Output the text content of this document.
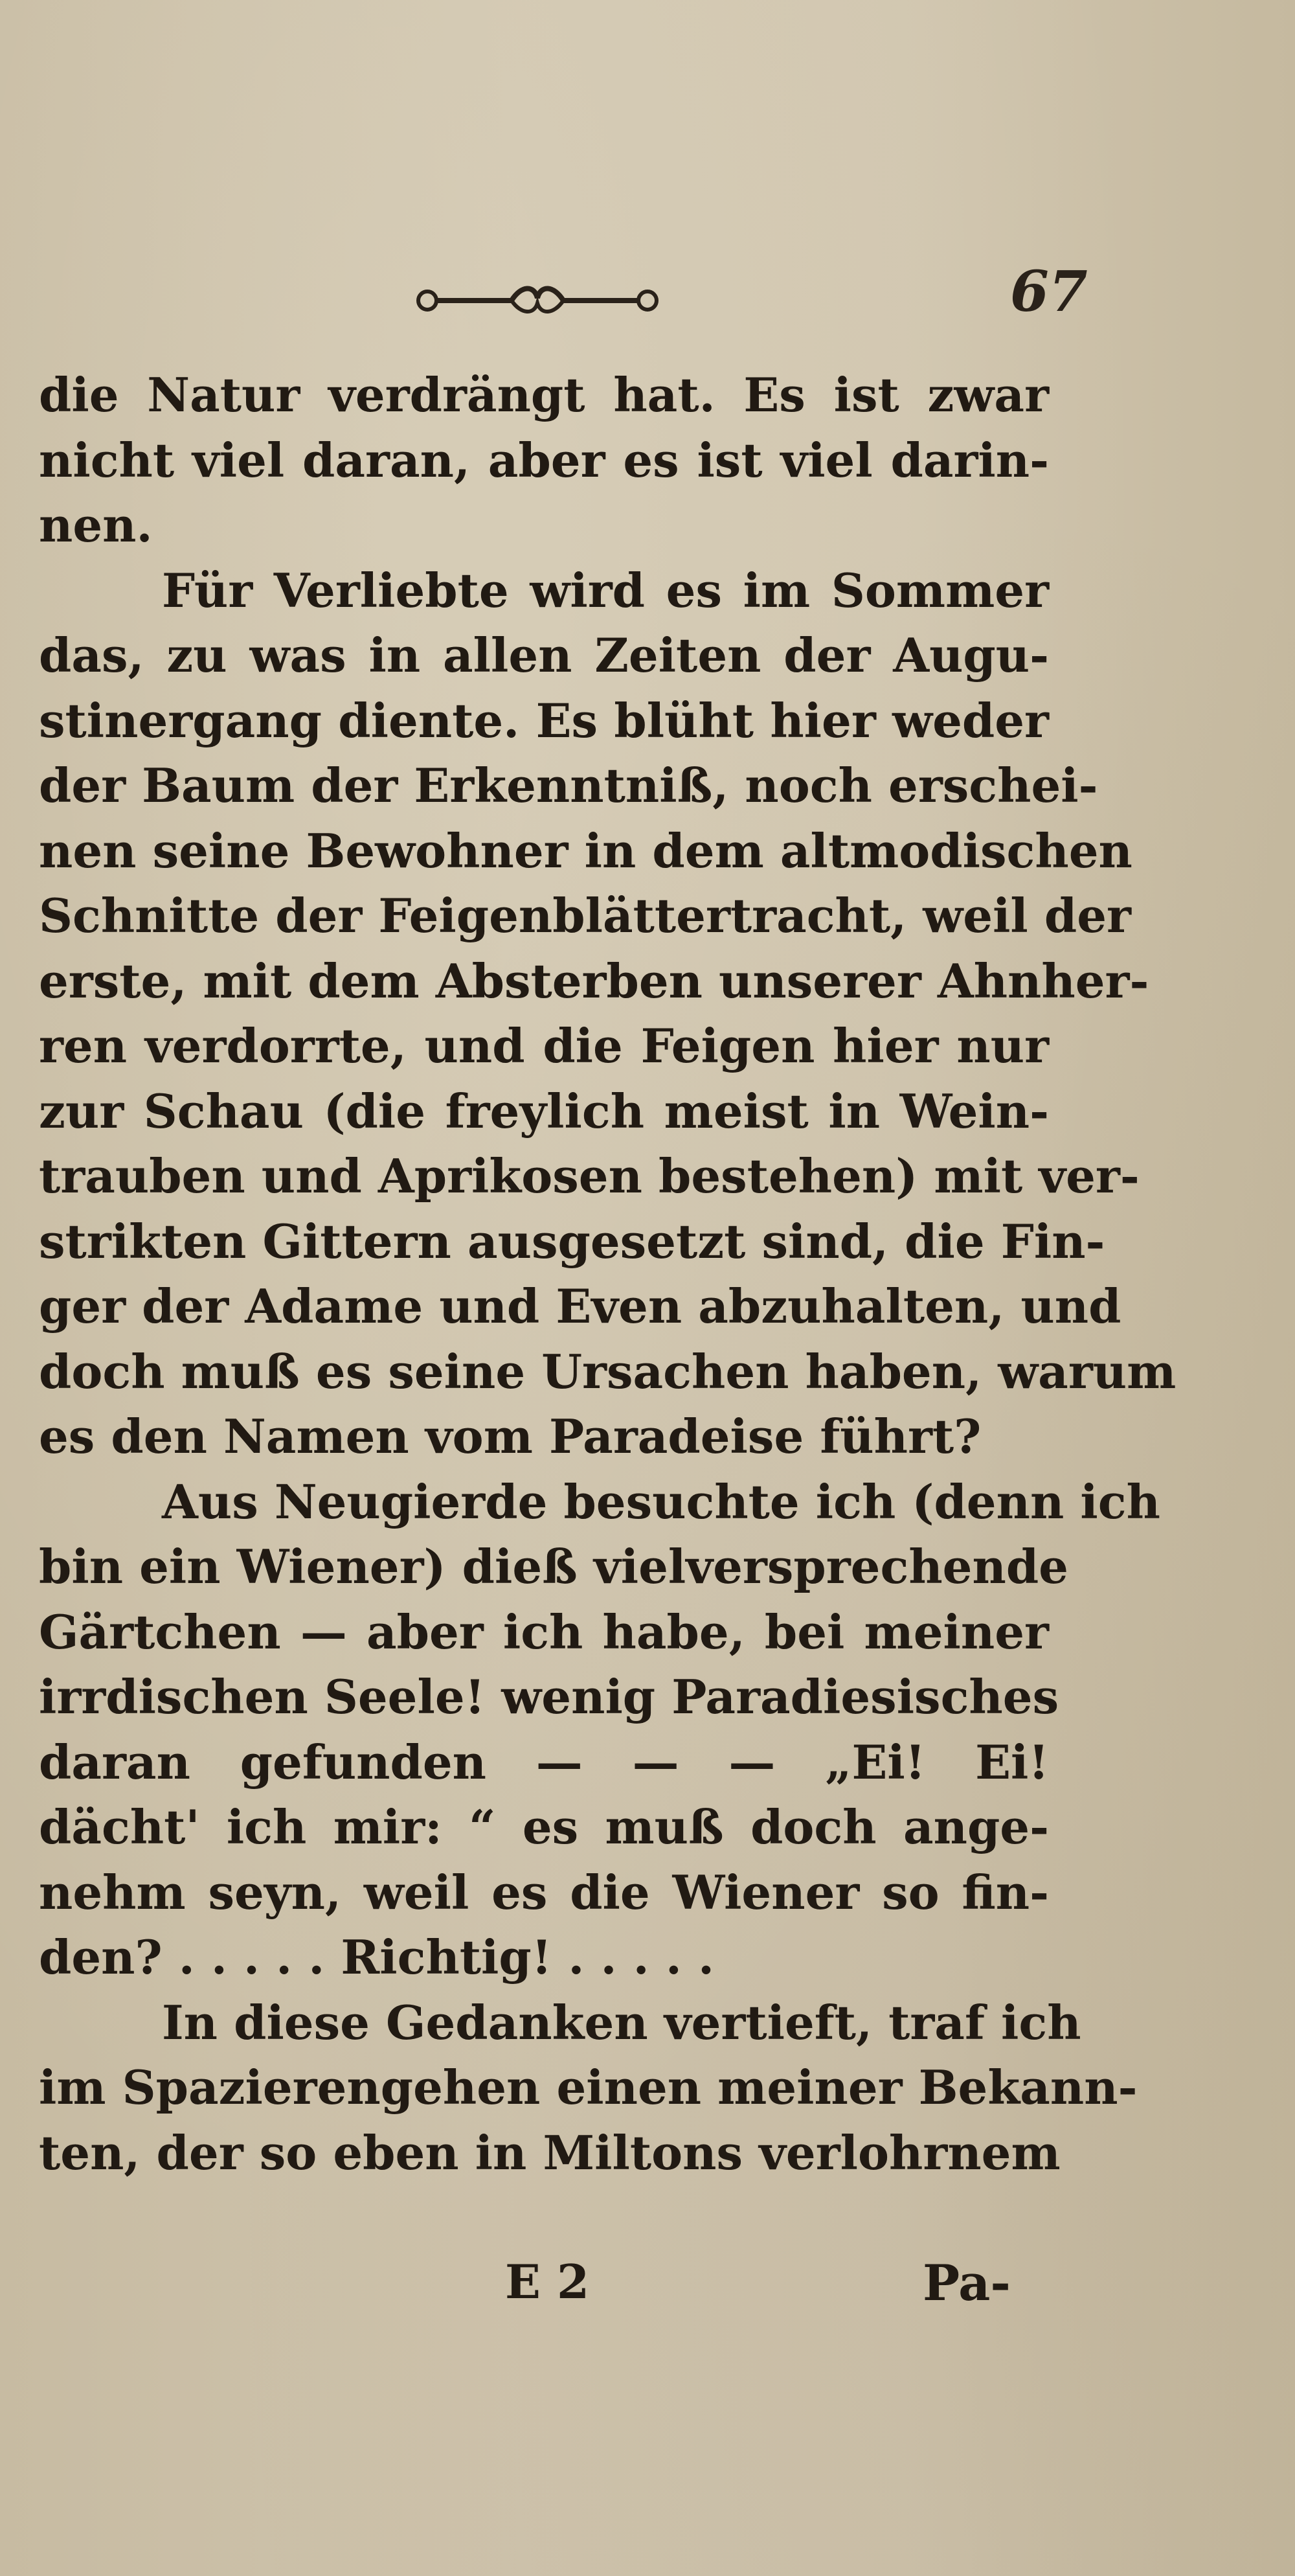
67
die Natur verdrängt hat. Es ist zwar
nicht viel daran, aber es ist viel darin-
nen.
Für Verliebte wird es im Sommer
das, zu was in allen Zeiten der Augu-
stinergang diente. Es blüht hier weder
der Baum der Erkenntniß, noch erschei-
nen seine Bewohner in dem altmodischen
Schnitte der Feigenblättertracht, weil der
erste, mit dem Absterben unserer Ahnher-
ren verdorrte, und die Feigen hier nur
zur Schau (die freylich meist in Wein-
trauben und Aprikosen bestehen) mit ver-
strikten Gittern ausgesetzt sind, die Fin-
ger der Adame und Even abzuhalten, und
doch muß es seine Ursachen haben, warum
es den Namen vom Paradeise führt?
Aus Neugierde besuchte ich (denn ich
bin ein Wiener) dieß vielversprechende
Gärtchen — aber ich habe, bei meiner
irrdischen Seele! wenig Paradiesisches
daran gefunden — — — „Ei! Ei!
dächt' ich mir: “ es muß doch ange-
nehm seyn, weil es die Wiener so fin-
den? . . . . . Richtig! . . . . .
In diese Gedanken vertieft, traf ich
im Spazierengehen einen meiner Bekann-
ten, der so eben in Miltons verlohrnem
E 2	Pa-
